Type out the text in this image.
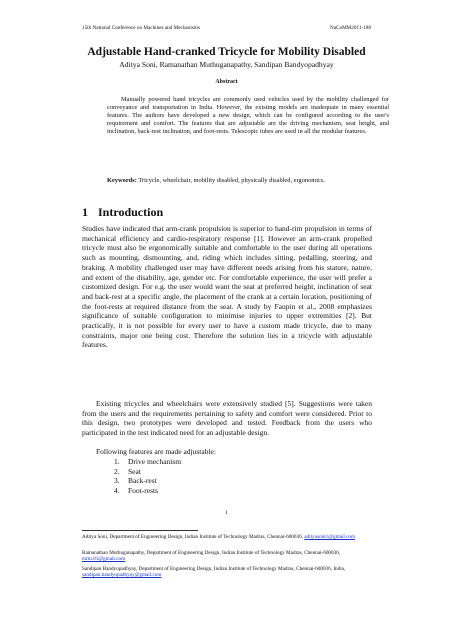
15th National Conference on Machines and Mechanisms	NaCoMM2011-188
Adjustable Hand-cranked Tricycle for Mobility Disabled
Aditya Soni, Ramanathan Muthuganapathy, Sandipan Bandyopadhyay
Abstract

Manually powered hand tricycles are commonly used vehicles used by the mobility challenged for conveyance and transportation in India. However, the existing models are inadequate in many essential features. The authors have developed a new design, which can be configured according to the user's requirement and comfort. The features that are adjustable are the driving mechanism, seat height, and inclination, back-rest inclination, and foot-rests. Telescopic tubes are used in all the modular features.

Keywords: Tricycle, wheelchair, mobility disabled, physically disabled, ergonomics.

1 Introduction

Studies have indicated that arm-crank propulsion is superior to hand-rim propulsion in terms of mechanical efficiency and cardio-respiratory response [1]. However an arm-crank propelled tricycle must also be ergonomically suitable and comfortable to the user during all operations such as mounting, dismounting, and, riding which includes sitting, pedalling, steering, and braking. A mobility challenged user may have different needs arising from his stature, nature, and extent of the disability, age, gender etc. For comfortable experience, the user will prefer a customized design. For e.g. the user would want the seat at preferred height, inclination of seat and back-rest at a specific angle, the placement of the crank at a certain location, positioning of the foot-rests at required distance from the seat. A study by Faupin et al., 2008 emphasizes significance of suitable configuration to minimise injuries to upper extremities [2]. But practically, it is not possible for every user to have a custom made tricycle, due to many constraints, major one being cost. Therefore the solution lies in a tricycle with adjustable features.

Existing tricycles and wheelchairs were extensively studied [5]. Suggestions were taken from the users and the requirements pertaining to safety and comfort were considered. Prior to this design, two prototypes were developed and tested. Feedback from the users who participated in the test indicated need for an adjustable design.

Following features are made adjustable:

1.	Drive mechanism
2.	Seat
3.	Back-rest
4.	Foot-rests
1

Aditya Soni, Department of Engineering Design, Indian Institute of Technology Madras, Chennai-600036, adityasoni1@gmail.com

Ramanathan Muthuganapathy, Department of Engineering Design, Indian Institute of Technology Madras, Chennai-600036, mrm.01@gmail.com

Sandipan Bandyopadhyay, Department of Engineering Design, Indian Institute of Technology Madras, Chennai-600036, India, sandipan.bandyopadhyay@gmail.com
